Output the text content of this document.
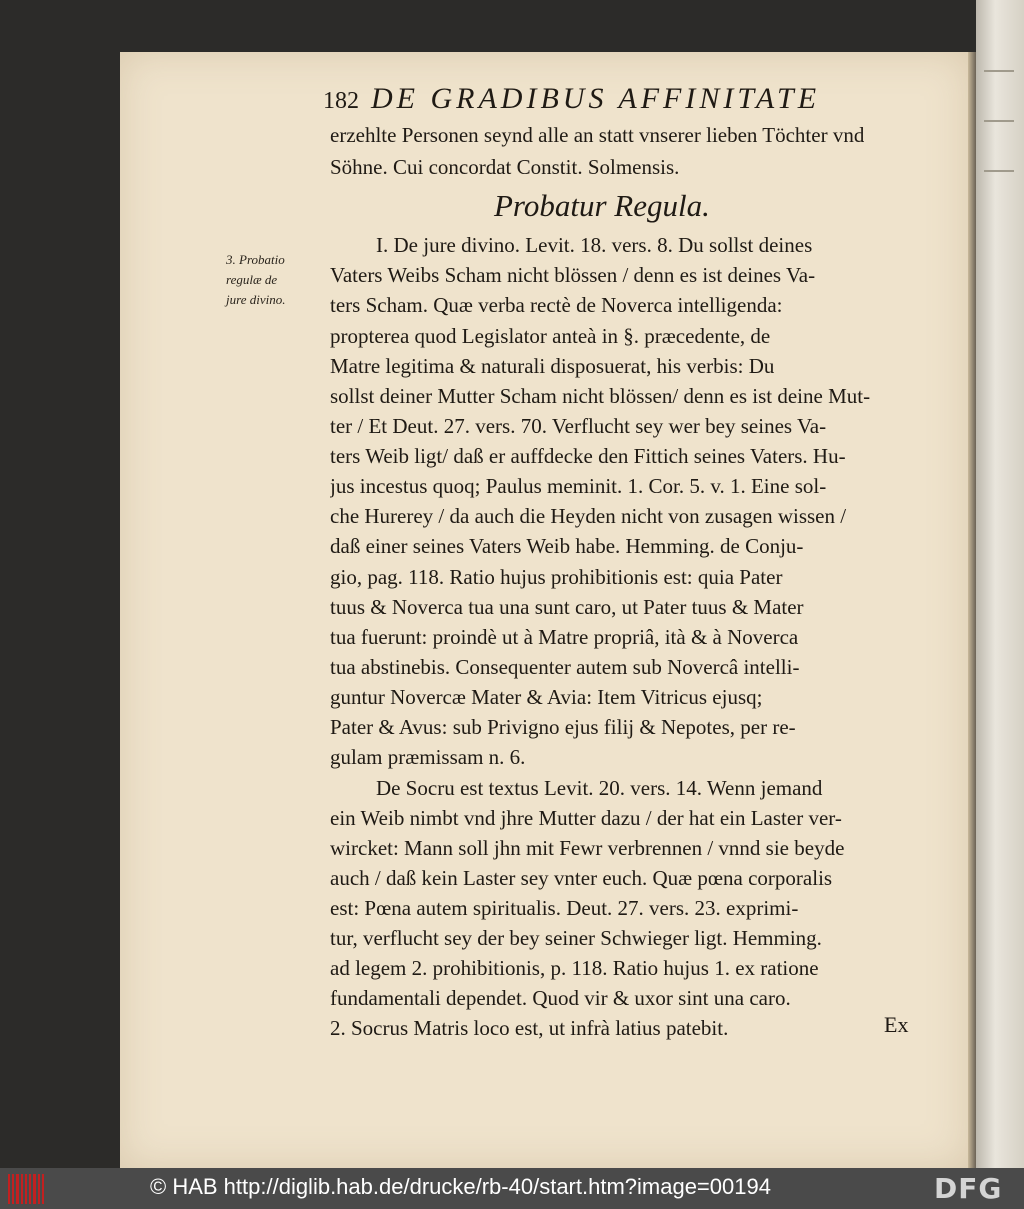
182 DE GRADIBUS AFFINITATE
erzehlte Personen seynd alle an statt vnserer lieben Töchter vnd
Söhne. Cui concordat Constit. Solmensis.
Probatur Regula.
3. Probatio
regulæ de
jure divino.
I. De jure divino. Levit. 18. vers. 8. Du sollst deines
Vaters Weibs Scham nicht blössen / denn es ist deines Va-
ters Scham. Quæ verba rectè de Noverca intelligenda:
propterea quod Legislator anteà in §. præcedente, de
Matre legitima & naturali disposuerat, his verbis: Du
sollst deiner Mutter Scham nicht blössen/ denn es ist deine Mut-
ter / Et Deut. 27. vers. 70. Verflucht sey wer bey seines Va-
ters Weib ligt/ daß er auffdecke den Fittich seines Vaters. Hu-
jus incestus quoq; Paulus meminit. 1. Cor. 5. v. 1. Eine sol-
che Hurerey / da auch die Heyden nicht von zusagen wissen /
daß einer seines Vaters Weib habe. Hemming. de Conju-
gio, pag. 118. Ratio hujus prohibitionis est: quia Pater
tuus & Noverca tua una sunt caro, ut Pater tuus & Mater
tua fuerunt: proindè ut à Matre propriâ, ità & à Noverca
tua abstinebis. Consequenter autem sub Novercâ intelli-
guntur Novercæ Mater & Avia: Item Vitricus ejusq;
Pater & Avus: sub Privigno ejus filij & Nepotes, per re-
gulam præmissam n. 6.
De Socru est textus Levit. 20. vers. 14. Wenn jemand
ein Weib nimbt vnd jhre Mutter dazu / der hat ein Laster ver-
wircket: Mann soll jhn mit Fewr verbrennen / vnnd sie beyde
auch / daß kein Laster sey vnter euch. Quæ pœna corporalis
est: Pœna autem spiritualis. Deut. 27. vers. 23. exprimi-
tur, verflucht sey der bey seiner Schwieger ligt. Hemming.
ad legem 2. prohibitionis, p. 118. Ratio hujus 1. ex ratione
fundamentali dependet. Quod vir & uxor sint una caro.
2. Socrus Matris loco est, ut infrà latius patebit.	Ex
© HAB http://diglib.hab.de/drucke/rb-40/start.htm?image=00194	DFG
